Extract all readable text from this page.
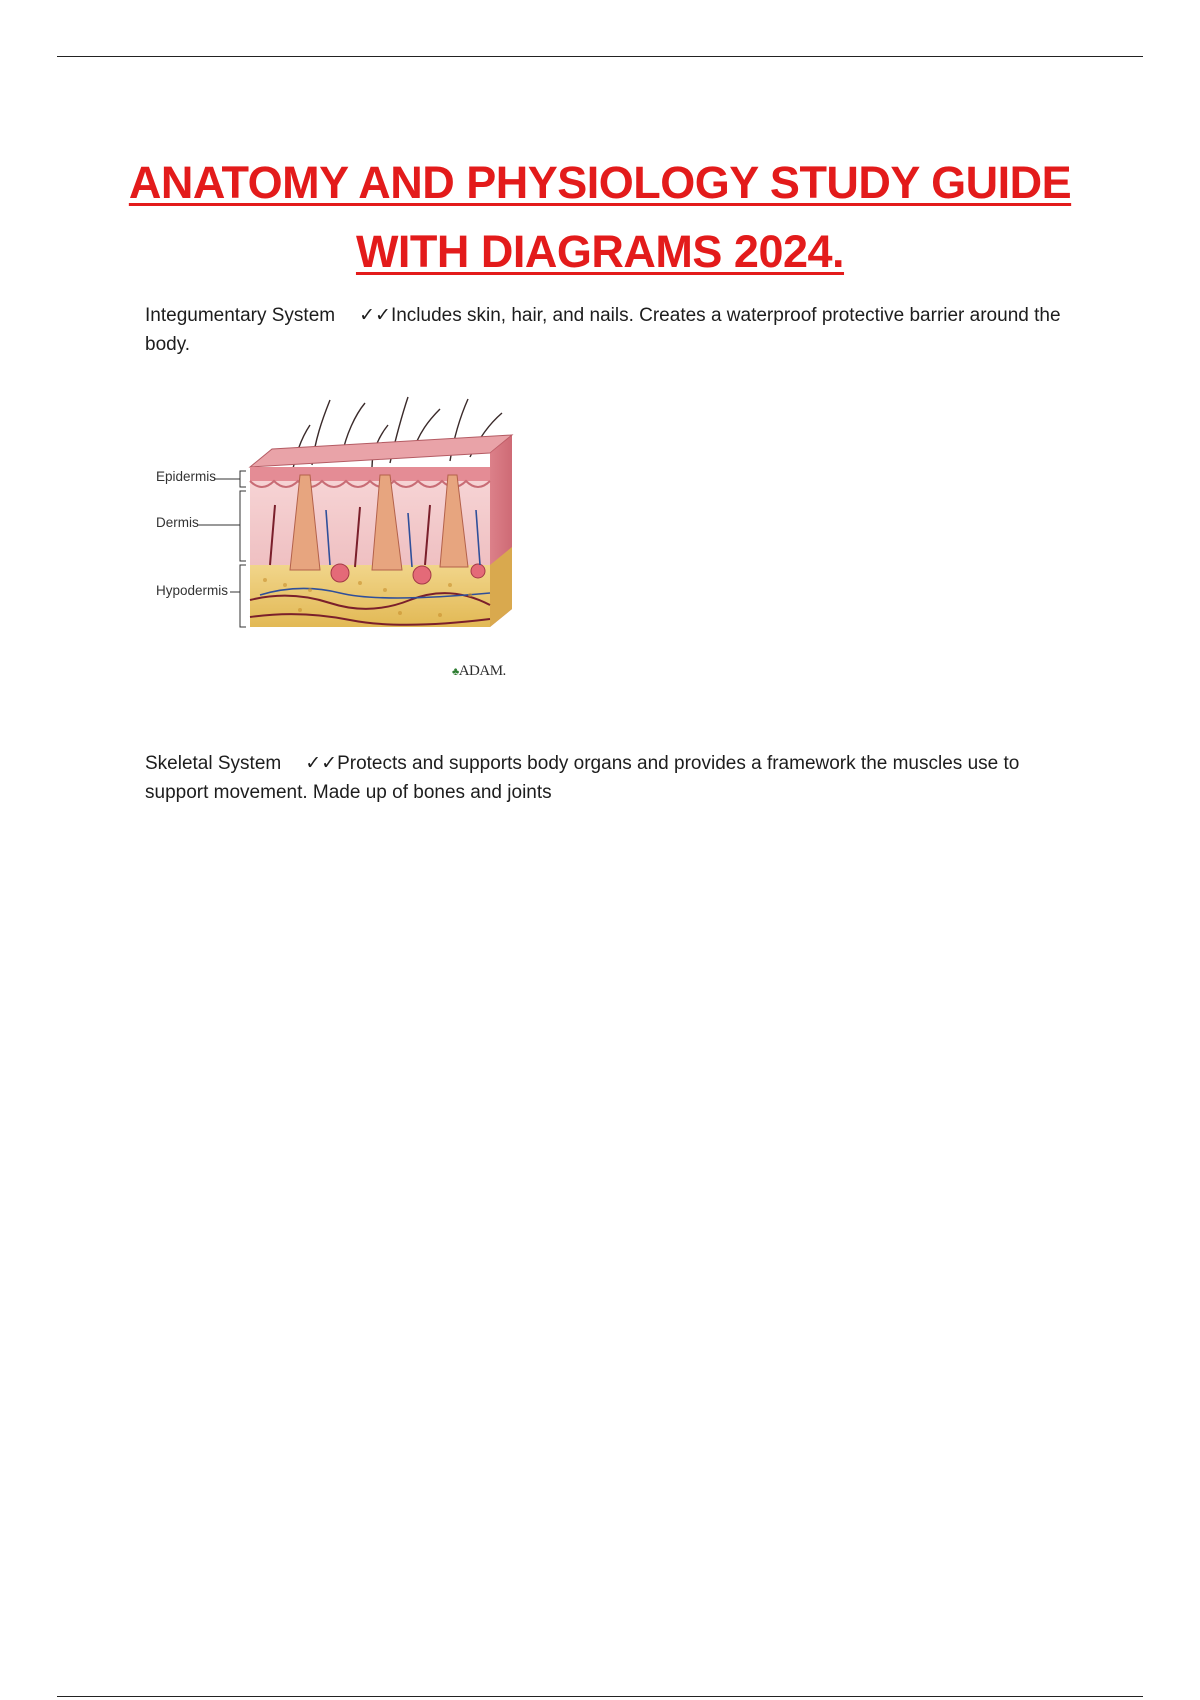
ANATOMY AND PHYSIOLOGY STUDY GUIDE
WITH DIAGRAMS 2024.
Integumentary System ✓✓Includes skin, hair, and nails. Creates a waterproof protective barrier around the body.
Epidermis
Dermis
Hypodermis
♣ADAM.
Skeletal System ✓✓Protects and supports body organs and provides a framework the muscles use to support movement. Made up of bones and joints
